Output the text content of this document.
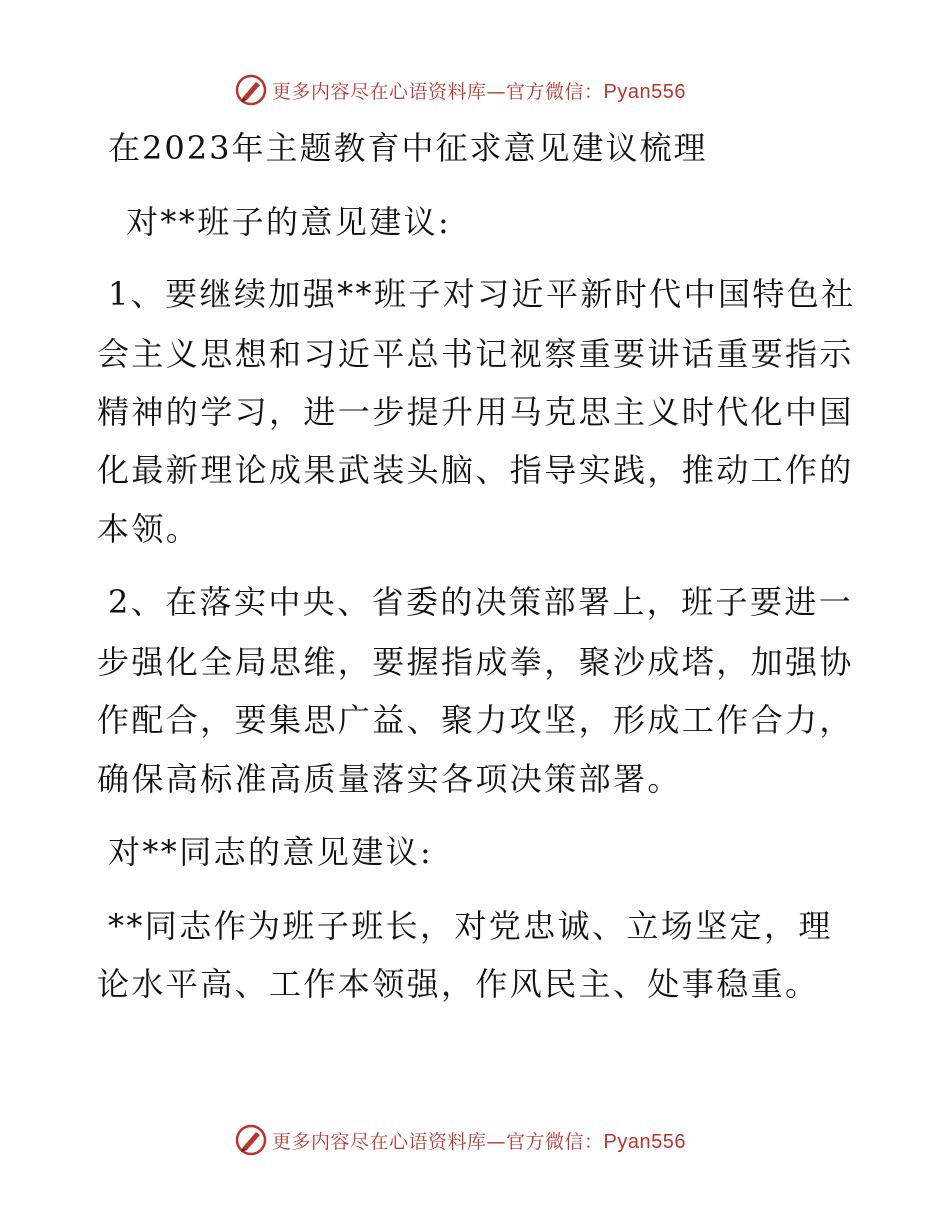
更多内容尽在心语资料库—官方微信：Pyan556
在2023年主题教育中征求意见建议梳理

对**班子的意见建议:

1、要继续加强**班子对习近平新时代中国特色社

会主义思想和习近平总书记视察重要讲话重要指示

精神的学习，进一步提升用马克思主义时代化中国

化最新理论成果武装头脑、指导实践，推动工作的

本领。

2、在落实中央、省委的决策部署上，班子要进一

步强化全局思维，要握指成拳，聚沙成塔，加强协

作配合，要集思广益、聚力攻坚，形成工作合力，

确保高标准高质量落实各项决策部署。

对**同志的意见建议:

**同志作为班子班长，对党忠诚、立场坚定，理

论水平高、工作本领强，作风民主、处事稳重。

更多内容尽在心语资料库—官方微信：Pyan556
